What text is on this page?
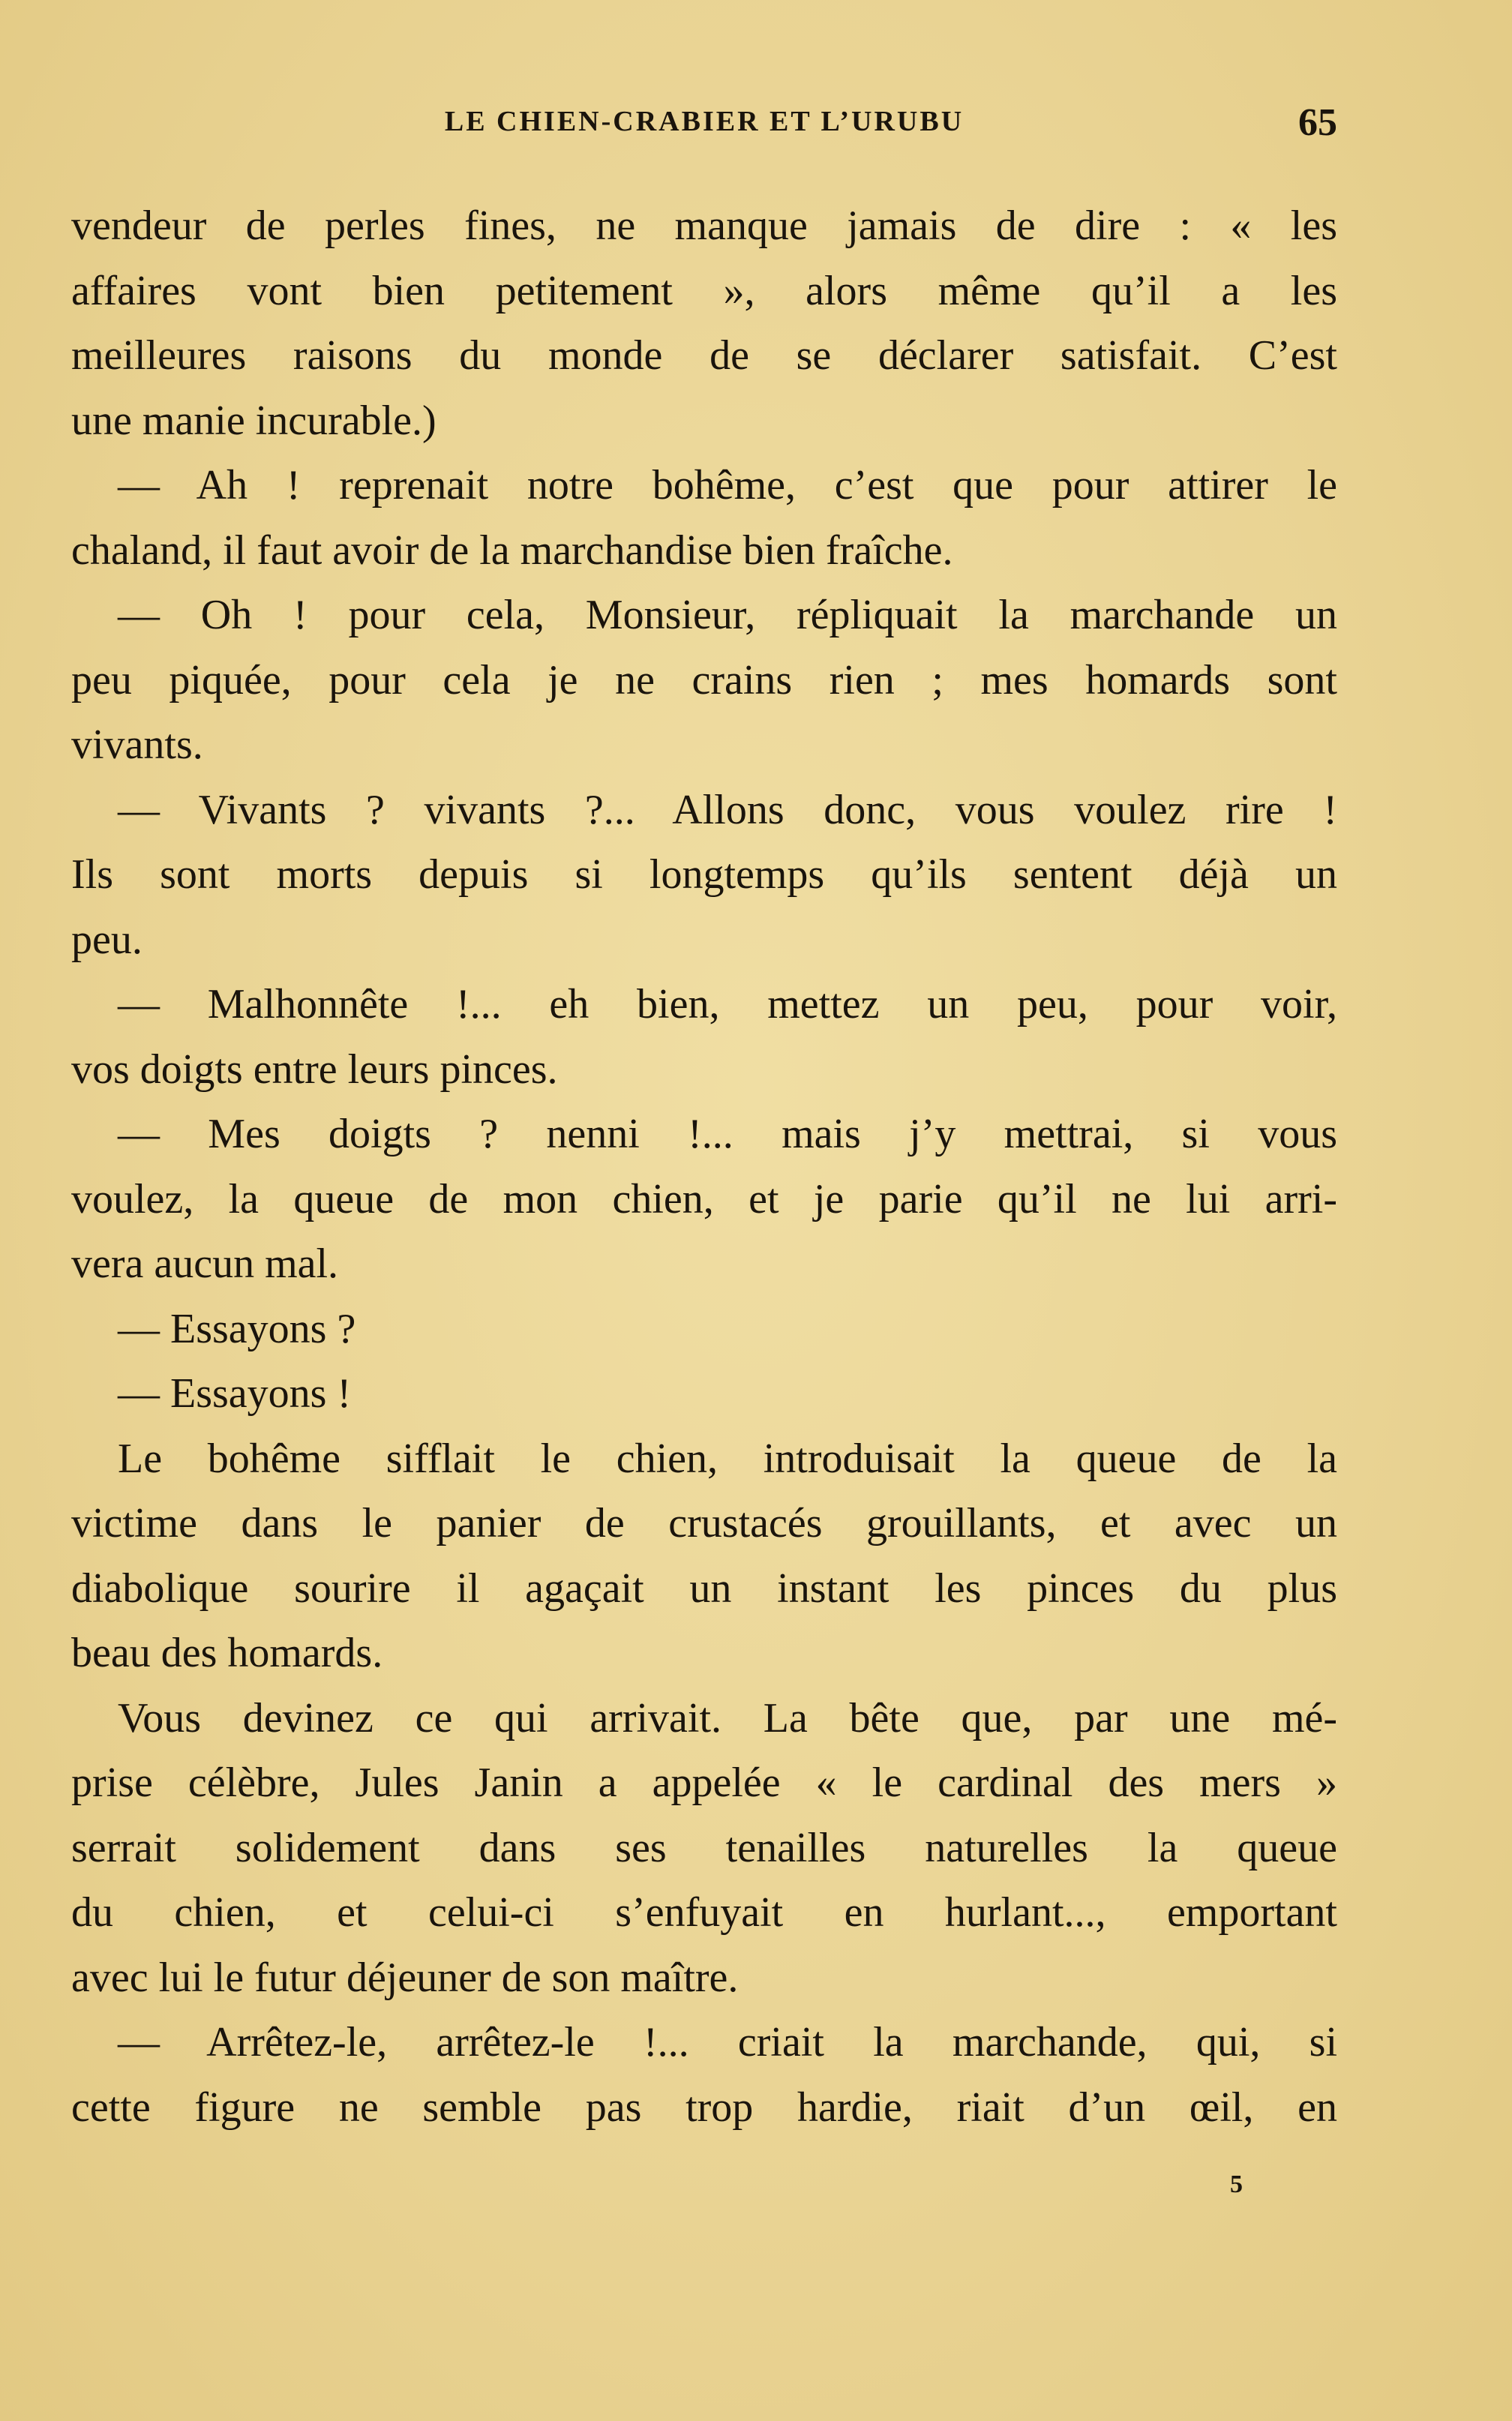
LE CHIEN-CRABIER ET L’URUBU	65
vendeur de perles fines, ne manque jamais de dire : « les
affaires vont bien petitement », alors même qu’il a les
meilleures raisons du monde de se déclarer satisfait. C’est
une manie incurable.)
— Ah ! reprenait notre bohême, c’est que pour attirer le
chaland, il faut avoir de la marchandise bien fraîche.
— Oh ! pour cela, Monsieur, répliquait la marchande un
peu piquée, pour cela je ne crains rien ; mes homards sont
vivants.
— Vivants ? vivants ?... Allons donc, vous voulez rire !
Ils sont morts depuis si longtemps qu’ils sentent déjà un
peu.
— Malhonnête !... eh bien, mettez un peu, pour voir,
vos doigts entre leurs pinces.
— Mes doigts ? nenni !... mais j’y mettrai, si vous
voulez, la queue de mon chien, et je parie qu’il ne lui arri-
vera aucun mal.
— Essayons ?
— Essayons !
Le bohême sifflait le chien, introduisait la queue de la
victime dans le panier de crustacés grouillants, et avec un
diabolique sourire il agaçait un instant les pinces du plus
beau des homards.
Vous devinez ce qui arrivait. La bête que, par une mé-
prise célèbre, Jules Janin a appelée « le cardinal des mers »
serrait solidement dans ses tenailles naturelles la queue
du chien, et celui-ci s’enfuyait en hurlant..., emportant
avec lui le futur déjeuner de son maître.
— Arrêtez-le, arrêtez-le !... criait la marchande, qui, si
cette figure ne semble pas trop hardie, riait d’un œil, en
5
